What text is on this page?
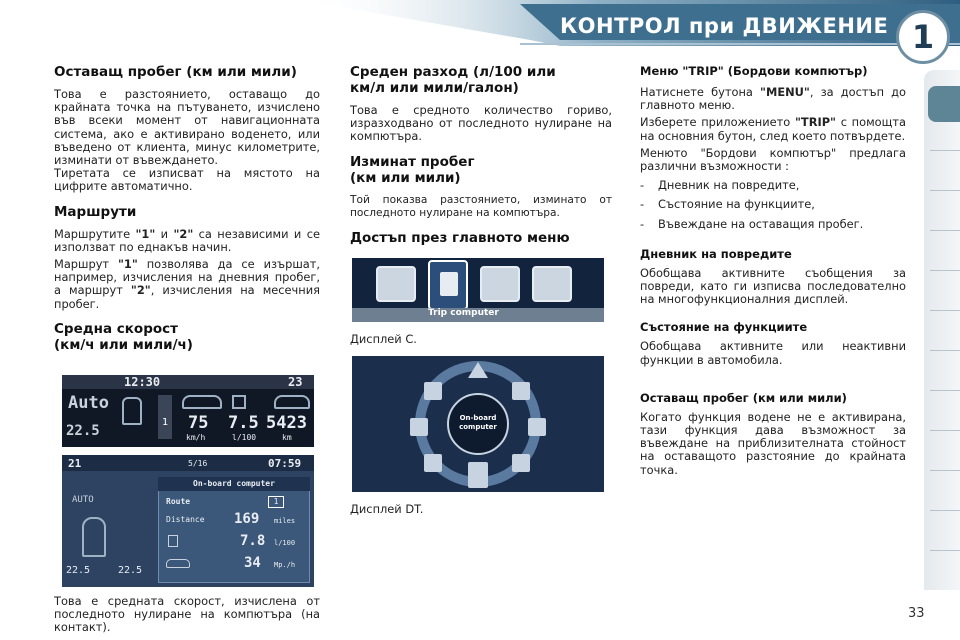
КОНТРОЛ при ДВИЖЕНИЕ 1
Оставащ пробег (км или мили)
Това е разстоянието, оставащо до крайната точка на пътуването, изчислено във всеки момент от навигационната система, ако е активирано воденето, или въведено от клиента, минус километрите, изминати от въвеждането.
Тиретата се изписват на мястото на цифрите автоматично.
Маршрути
Маршрутите "1" и "2" са независими и се използват по еднакъв начин.
Маршрут "1" позволява да се изършат, например, изчисления на дневния пробег, а маршрут "2", изчисления на месечния пробег.
Средна скорост
(км/ч или мили/ч)
12:30	23
Auto
22.5
1 75
km/h
7.5
l/100
5423
km
21	5/16	07:59
AUTO
22.5	22.5
On-board computer
Route	1
Distance 169 miles
7.8 l/100
34 Mp./h
Това е средната скорост, изчислена от последното нулиране на компютъра (на контакт).
Среден разход (л/100 или
км/л или мили/галон)
Това е средното количество гориво, изразходвано от последното нулиране на компютъра.
Изминат пробег
(км или мили)
Той показва разстоянието, изминато от последното нулиране на компютъра.
Достъп през главното меню
Trip computer
Дисплей C.
On-board computer
Дисплей DT.
Меню "TRIP" (Бордови компютър)
Натиснете бутона "MENU", за достъп до главното меню.
Изберете приложението "TRIP" с помощта на основния бутон, след което потвърдете.
Менюто "Бордови компютър" предлага различни възможности :
-	Дневник на повредите,
-	Състояние на функциите,
-	Въвеждане на оставащия пробег.
Дневник на повредите
Обобщава активните съобщения за повреди, като ги изписва последователно на многофункционалния дисплей.
Състояние на функциите
Обобщава активните или неактивни функции в автомобила.
Оставащ пробег (км или мили)
Когато функция водене не е активирана, тази функция дава възможност за въвеждане на приблизителната стойност на оставащото разстояние до крайната точка.
33
